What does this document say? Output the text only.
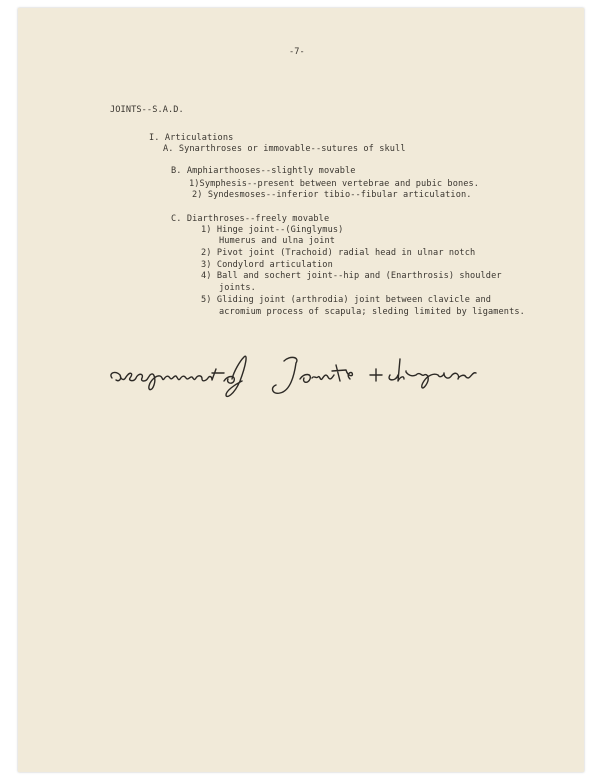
-7-
JOINTS--S.A.D.
I. Articulations
A. Synarthroses or immovable--sutures of skull
B. Amphiarthooses--slightly movable
1)Symphesis--present between vertebrae and pubic bones.
2) Syndesmoses--inferior tibio--fibular articulation.
C. Diarthroses--freely movable
1) Hinge joint--(Ginglymus)
Humerus and ulna joint
2) Pivot joint (Trachoid) radial head in ulnar notch
3) Condylord articulation
4) Ball and sochert joint--hip and (Enarthrosis) shoulder
joints.
5) Gliding joint (arthrodia) joint between clavicle and
acromium process of scapula; sleding limited by ligaments.
